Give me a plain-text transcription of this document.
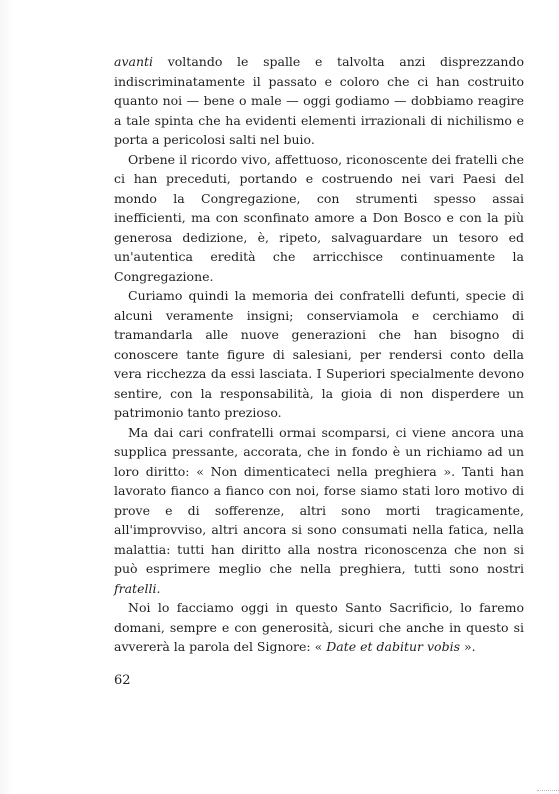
avanti voltando le spalle e talvolta anzi disprezzando indiscriminatamente il passato e coloro che ci han costruito quanto noi — bene o male — oggi godiamo — dobbiamo reagire a tale spinta che ha evidenti elementi irrazionali di nichilismo e porta a pericolosi salti nel buio.

Orbene il ricordo vivo, affettuoso, riconoscente dei fratelli che ci han preceduti, portando e costruendo nei vari Paesi del mondo la Congregazione, con strumenti spesso assai inefficienti, ma con sconfinato amore a Don Bosco e con la più generosa dedizione, è, ripeto, salvaguardare un tesoro ed un'autentica eredità che arricchisce continuamente la Congregazione.

Curiamo quindi la memoria dei confratelli defunti, specie di alcuni veramente insigni; conserviamola e cerchiamo di tramandarla alle nuove generazioni che han bisogno di conoscere tante figure di salesiani, per rendersi conto della vera ricchezza da essi lasciata. I Superiori specialmente devono sentire, con la responsabilità, la gioia di non disperdere un patrimonio tanto prezioso.

Ma dai cari confratelli ormai scomparsi, ci viene ancora una supplica pressante, accorata, che in fondo è un richiamo ad un loro diritto: « Non dimenticateci nella preghiera ». Tanti han lavorato fianco a fianco con noi, forse siamo stati loro motivo di prove e di sofferenze, altri sono morti tragicamente, all'improvviso, altri ancora si sono consumati nella fatica, nella malattia: tutti han diritto alla nostra riconoscenza che non si può esprimere meglio che nella preghiera, tutti sono nostri fratelli.

Noi lo facciamo oggi in questo Santo Sacrificio, lo faremo domani, sempre e con generosità, sicuri che anche in questo si avvererà la parola del Signore: « Date et dabitur vobis ».

62
